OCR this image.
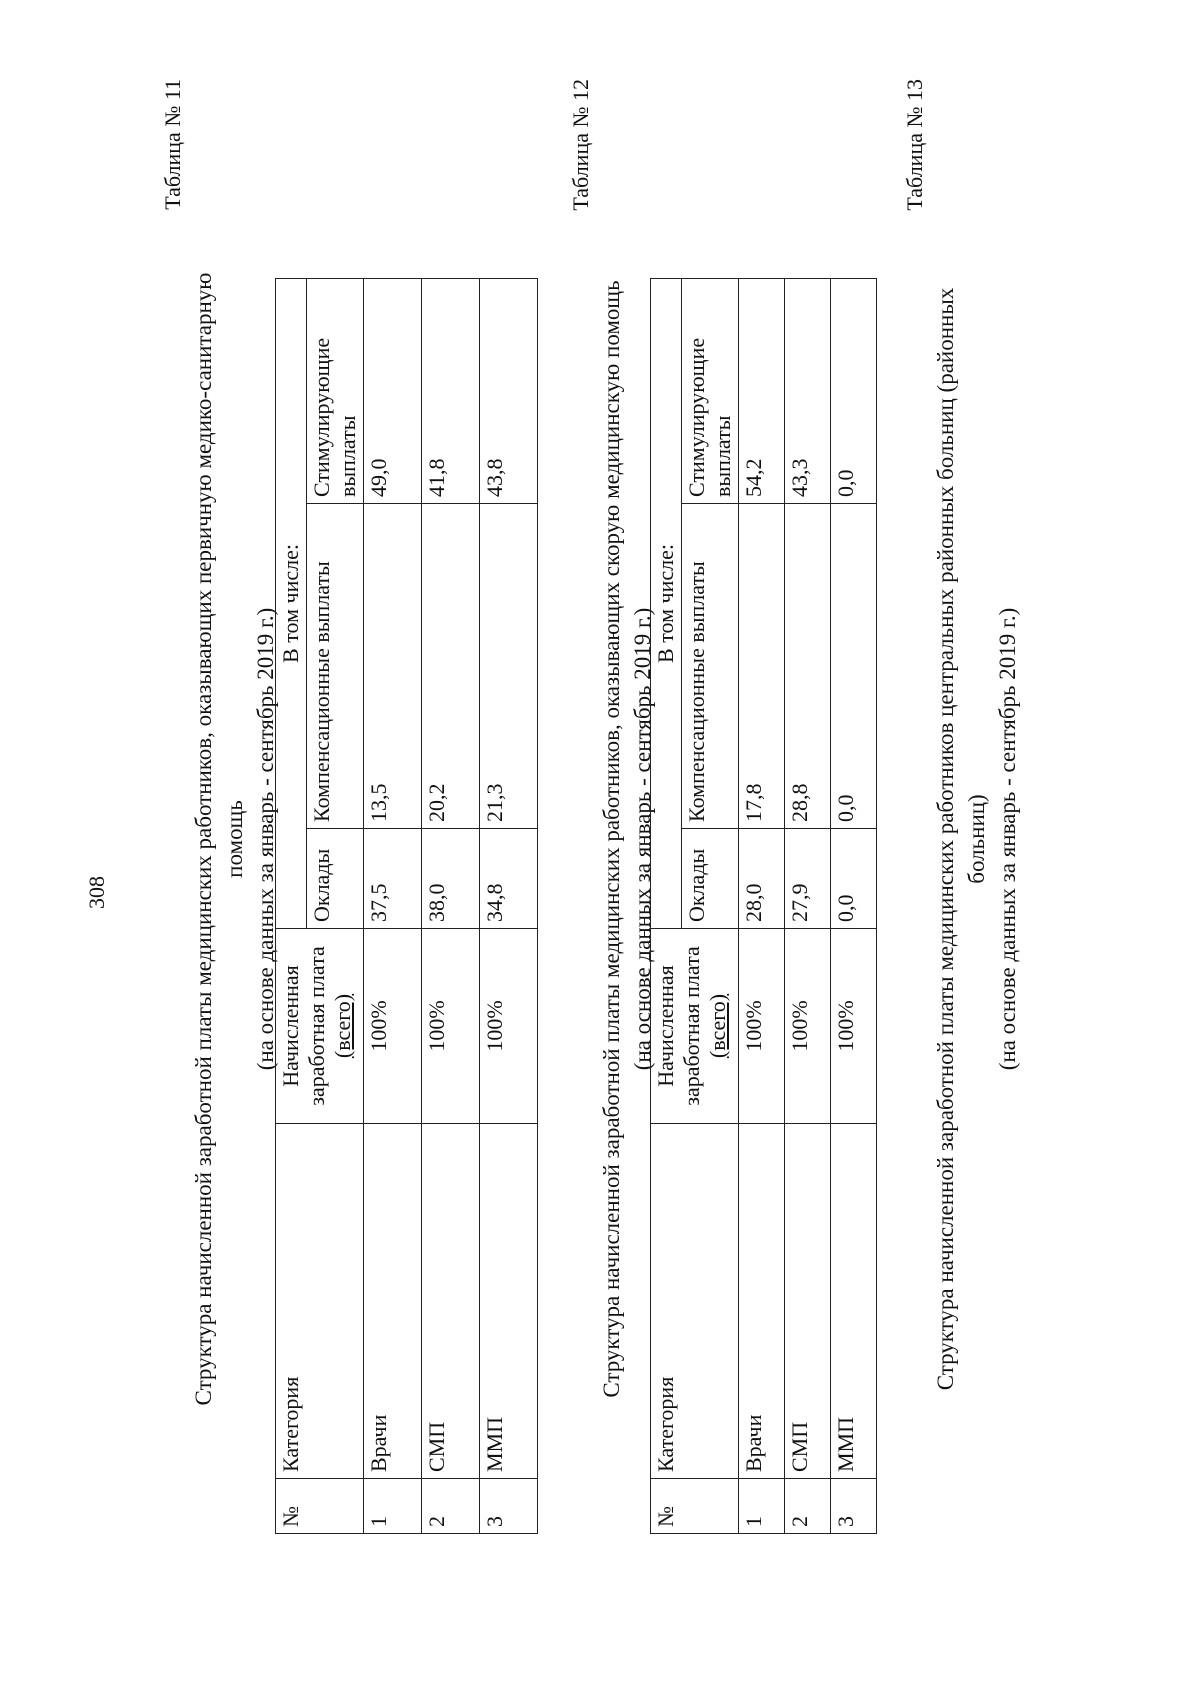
308
Таблица № 11
Структура начисленной заработной платы медицинских работников, оказывающих первичную медико-санитарную помощь (на основе данных за январь - сентябрь 2019 г.)
№	Категория	Начисленная заработная плата (всего)	В том числе:		
			Оклады	Компенсационные выплаты	Стимулирующие выплаты
1	Врачи	100%	37,5	13,5	49,0
2	СМП	100%	38,0	20,2	41,8
3	ММП	100%	34,8	21,3	43,8
Таблица № 12
Структура начисленной заработной платы медицинских работников, оказывающих скорую медицинскую помощь (на основе данных за январь - сентябрь 2019 г.)
№	Категория	Начисленная заработная плата (всего)	В том числе:		
			Оклады	Компенсационные выплаты	Стимулирующие выплаты
1	Врачи	100%	28,0	17,8	54,2
2	СМП	100%	27,9	28,8	43,3
3	ММП	100%	0,0	0,0	0,0
Таблица № 13
Структура начисленной заработной платы медицинских работников центральных районных больниц (районных больниц) (на основе данных за январь - сентябрь 2019 г.)
